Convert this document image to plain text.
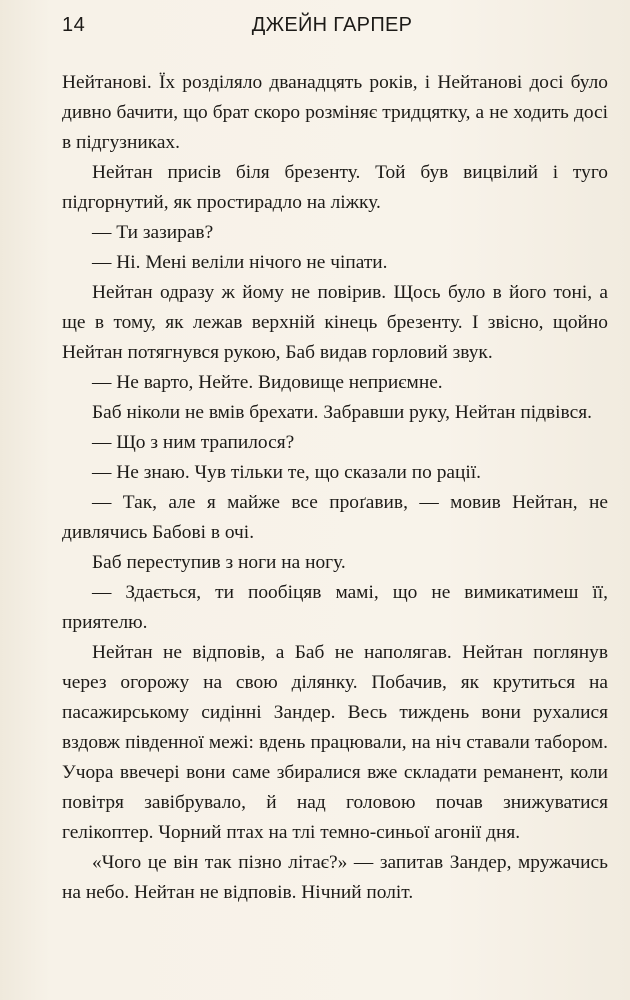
14	ДЖЕЙН ГАРПЕР

Нейтанові. Їх розділяло дванадцять років, і Нейтанові досі було дивно бачити, що брат скоро розміняє тридцятку, а не ходить досі в підгузниках.

Нейтан присів біля брезенту. Той був вицвілий і туго підгорнутий, як простирадло на ліжку.

— Ти зазирав?

— Ні. Мені веліли нічого не чіпати.

Нейтан одразу ж йому не повірив. Щось було в його тоні, а ще в тому, як лежав верхній кінець брезенту. І звісно, щойно Нейтан потягнувся рукою, Баб видав горловий звук.

— Не варто, Нейте. Видовище неприємне.

Баб ніколи не вмів брехати. Забравши руку, Нейтан підвівся.

— Що з ним трапилося?

— Не знаю. Чув тільки те, що сказали по рації.

— Так, але я майже все проґавив, — мовив Нейтан, не дивлячись Бабові в очі.

Баб переступив з ноги на ногу.

— Здається, ти пообіцяв мамі, що не вимикатимеш її, приятелю.

Нейтан не відповів, а Баб не наполягав. Нейтан поглянув через огорожу на свою ділянку. Побачив, як крутиться на пасажирському сидінні Зандер. Весь тиждень вони рухалися вздовж південної межі: вдень працювали, на ніч ставали табором. Учора ввечері вони саме збиралися вже складати реманент, коли повітря завібрувало, й над головою почав знижуватися гелікоптер. Чорний птах на тлі темно-синьої агонії дня.

«Чого це він так пізно літає?» — запитав Зандер, мружачись на небо. Нейтан не відповів. Нічний політ.
